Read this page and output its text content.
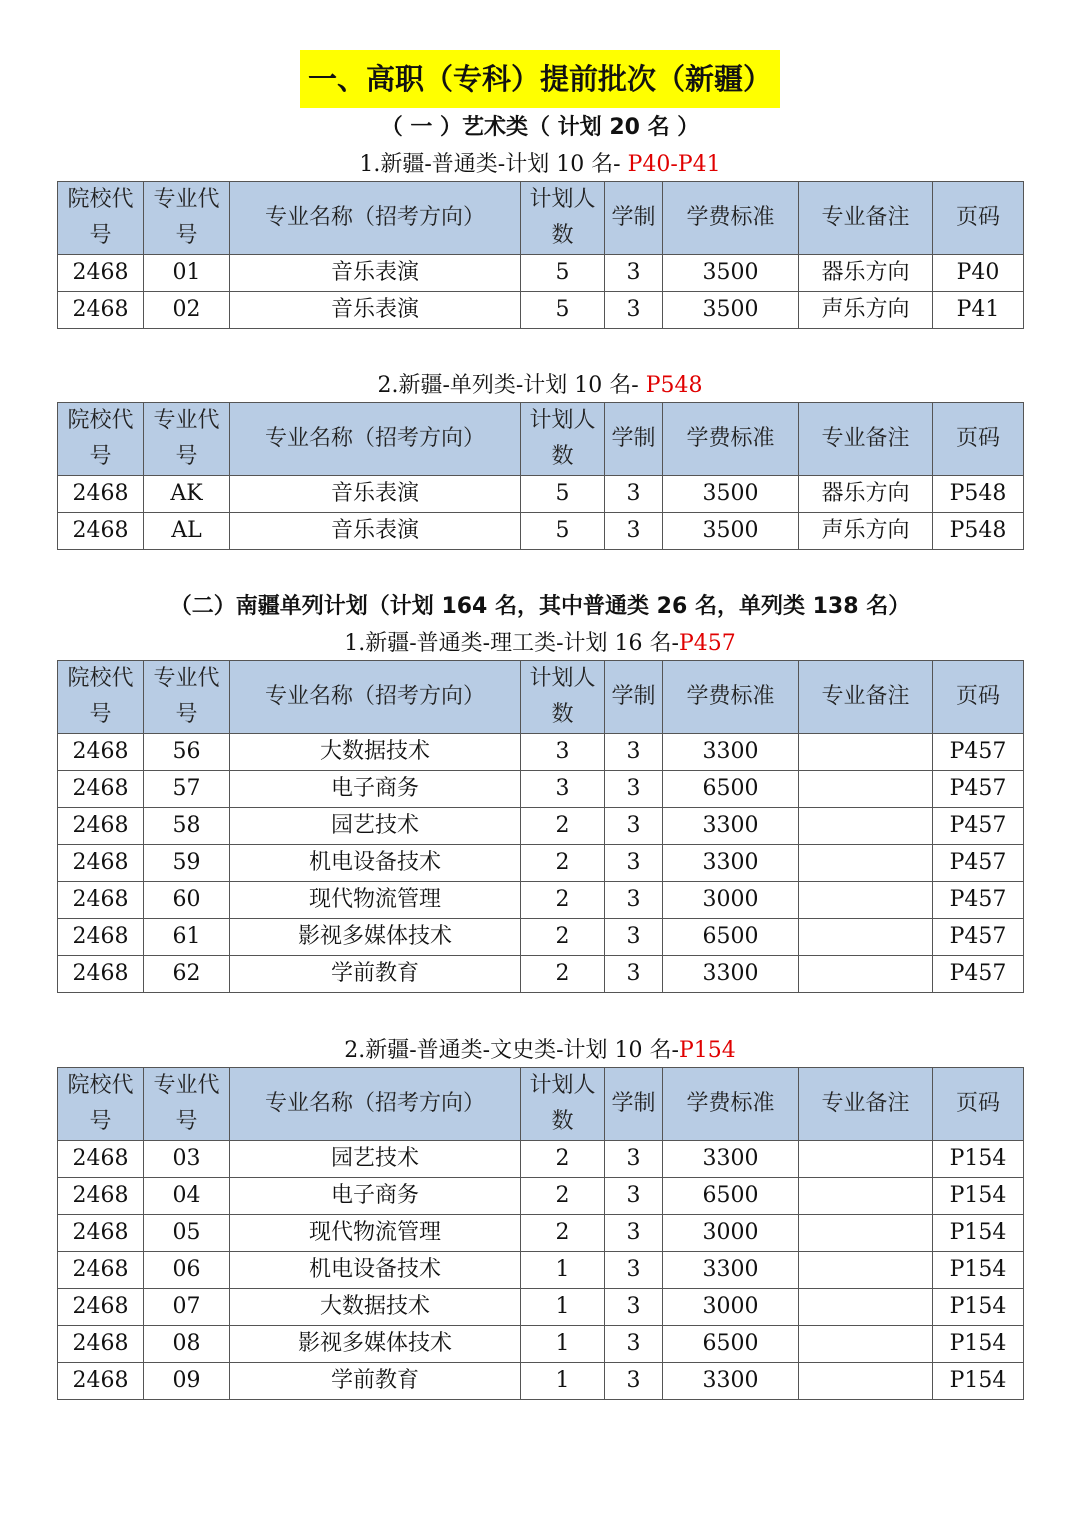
一、高职（专科）提前批次（新疆）
（ 一 ）艺术类（ 计划 20 名 ）
1.新疆-普通类-计划 10 名- P40-P41
院校代号	专业代号	专业名称（招考方向）	计划人数	学制	学费标准	专业备注	页码
2468	01	音乐表演	5	3	3500	器乐方向	P40
2468	02	音乐表演	5	3	3500	声乐方向	P41
2.新疆-单列类-计划 10 名- P548
院校代号	专业代号	专业名称（招考方向）	计划人数	学制	学费标准	专业备注	页码
2468	AK	音乐表演	5	3	3500	器乐方向	P548
2468	AL	音乐表演	5	3	3500	声乐方向	P548
（二）南疆单列计划（计划 164 名，其中普通类 26 名，单列类 138 名）
1.新疆-普通类-理工类-计划 16 名-P457
院校代号	专业代号	专业名称（招考方向）	计划人数	学制	学费标准	专业备注	页码
2468	56	大数据技术	3	3	3300		P457
2468	57	电子商务	3	3	6500		P457
2468	58	园艺技术	2	3	3300		P457
2468	59	机电设备技术	2	3	3300		P457
2468	60	现代物流管理	2	3	3000		P457
2468	61	影视多媒体技术	2	3	6500		P457
2468	62	学前教育	2	3	3300		P457
2.新疆-普通类-文史类-计划 10 名-P154
院校代号	专业代号	专业名称（招考方向）	计划人数	学制	学费标准	专业备注	页码
2468	03	园艺技术	2	3	3300		P154
2468	04	电子商务	2	3	6500		P154
2468	05	现代物流管理	2	3	3000		P154
2468	06	机电设备技术	1	3	3300		P154
2468	07	大数据技术	1	3	3000		P154
2468	08	影视多媒体技术	1	3	6500		P154
2468	09	学前教育	1	3	3300		P154
